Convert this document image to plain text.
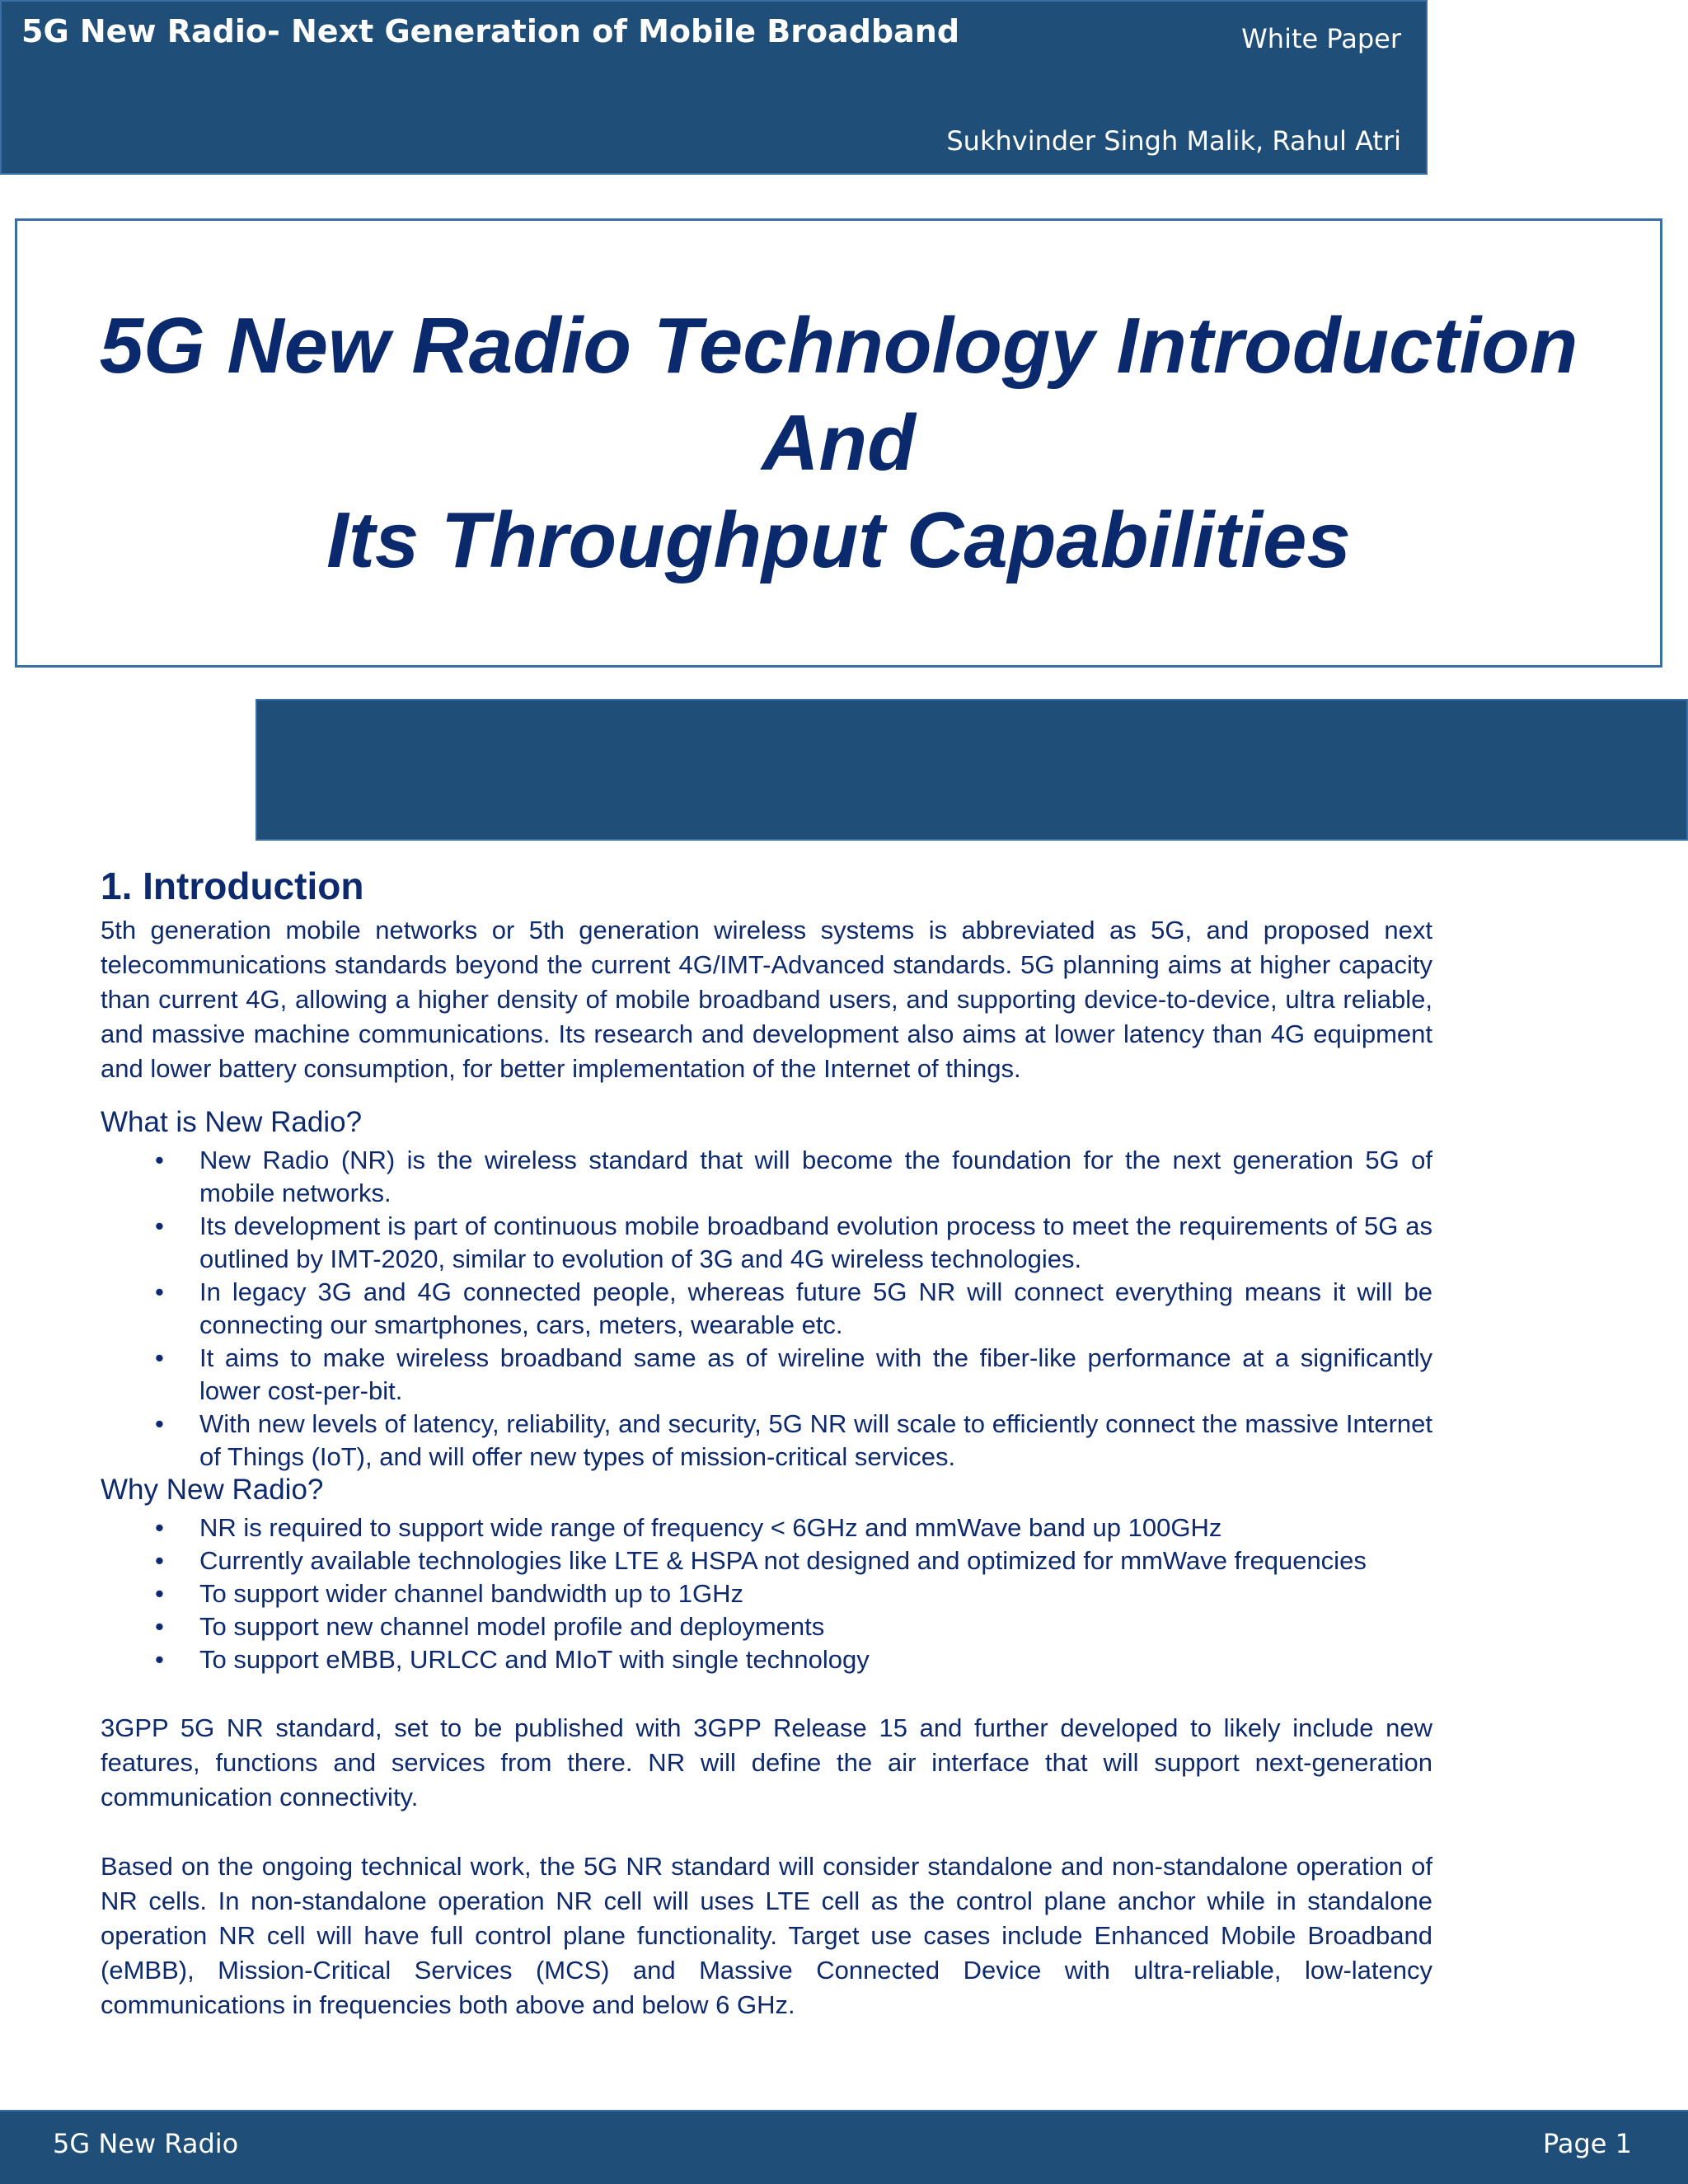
5G New Radio- Next Generation of Mobile Broadband	White Paper
Sukhvinder Singh Malik, Rahul Atri
5G New Radio Technology Introduction
And
Its Throughput Capabilities
1. Introduction

5th generation mobile networks or 5th generation wireless systems is abbreviated as 5G, and proposed next telecommunications standards beyond the current 4G/IMT-Advanced standards. 5G planning aims at higher capacity than current 4G, allowing a higher density of mobile broadband users, and supporting device-to-device, ultra reliable, and massive machine communications. Its research and development also aims at lower latency than 4G equipment and lower battery consumption, for better implementation of the Internet of things.

What is New Radio?
• New Radio (NR) is the wireless standard that will become the foundation for the next generation 5G of mobile networks.
• Its development is part of continuous mobile broadband evolution process to meet the requirements of 5G as outlined by IMT-2020, similar to evolution of 3G and 4G wireless technologies.
• In legacy 3G and 4G connected people, whereas future 5G NR will connect everything means it will be connecting our smartphones, cars, meters, wearable etc.
• It aims to make wireless broadband same as of wireline with the fiber-like performance at a significantly lower cost-per-bit.
• With new levels of latency, reliability, and security, 5G NR will scale to efficiently connect the massive Internet of Things (IoT), and will offer new types of mission-critical services.
Why New Radio?
• NR is required to support wide range of frequency < 6GHz and mmWave band up 100GHz
• Currently available technologies like LTE & HSPA not designed and optimized for mmWave frequencies
• To support wider channel bandwidth up to 1GHz
• To support new channel model profile and deployments
• To support eMBB, URLCC and MIoT with single technology

3GPP 5G NR standard, set to be published with 3GPP Release 15 and further developed to likely include new features, functions and services from there. NR will define the air interface that will support next-generation communication connectivity.

Based on the ongoing technical work, the 5G NR standard will consider standalone and non-standalone operation of NR cells. In non-standalone operation NR cell will uses LTE cell as the control plane anchor while in standalone operation NR cell will have full control plane functionality. Target use cases include Enhanced Mobile Broadband (eMBB), Mission-Critical Services (MCS) and Massive Connected Device with ultra-reliable, low-latency communications in frequencies both above and below 6 GHz.

5G New Radio	Page 1
